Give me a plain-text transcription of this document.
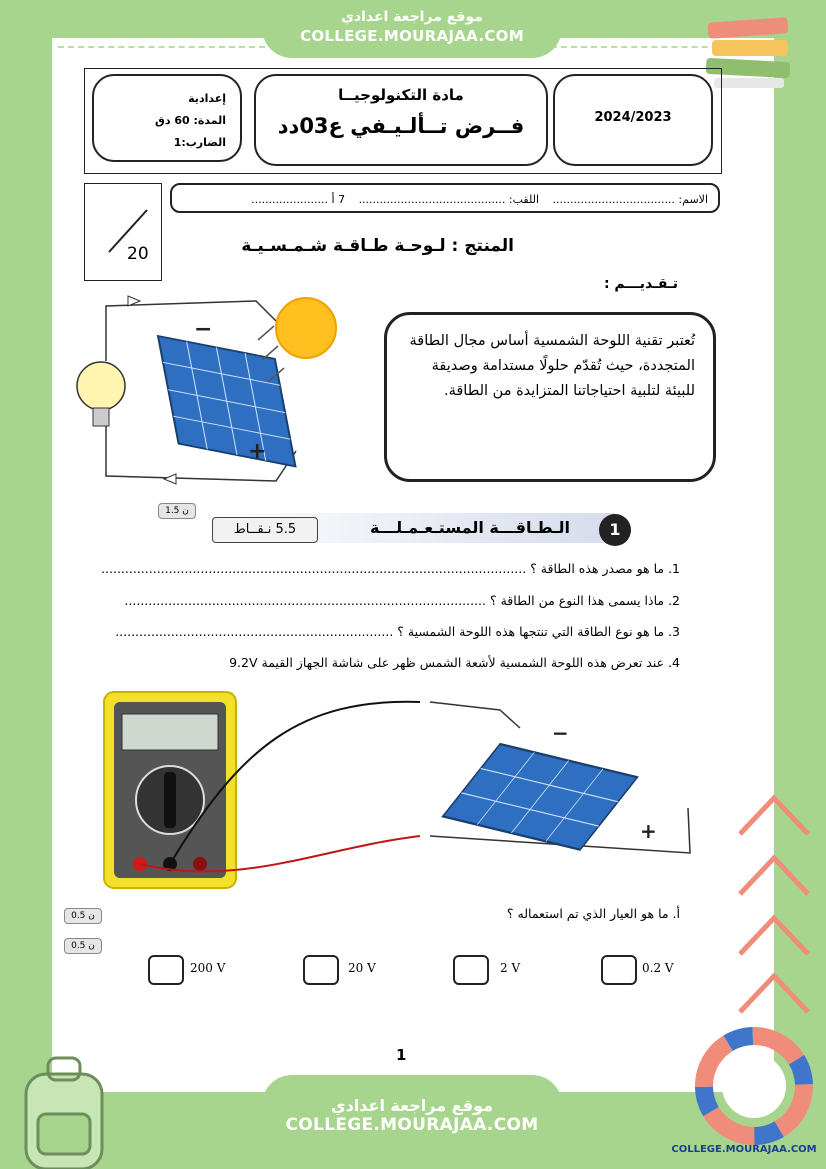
موقع مراجعة اعدادي
COLLEGE.MOURAJAA.COM
إعدادية
المدة: 60 دق
الضارب:1
مادة التكنولوجيــا
فــرض تــألـيـفي ع03دد	2024/2023
الاسم: ................................... اللقب: .......................................... 7 أ ......................
20	المنتج : لـوحـة طـاقـة شـمـسـيـة
تـقـديـــم :
−
+
تُعتبر تقنية اللوحة الشمسية أساس مجال الطاقة المتجددة، حيث تُقدّم حلولًا مستدامة وصديقة للبيئة لتلبية احتياجاتنا المتزايدة من الطاقة.
1.5 ن
5.5 نـقــاط	الـطـاقـــة المستـعـمـلـــة	1
1. ما هو مصدر هذه الطاقة ؟ ...........................................................................................................
2. ماذا يسمى هذا النوع من الطاقة ؟ ...........................................................................................
3. ما هو نوع الطاقة التي تنتجها هذه اللوحة الشمسية ؟ ......................................................................
4. عند تعرض هذه اللوحة الشمسية لأشعة الشمس ظهر على شاشة الجهاز القيمة 9.2V
−
+
0.5 ن
0.5 ن
أ. ما هو العيار الذي تم استعماله ؟
200 V	20 V	2 V	0.2 V
1
موقع مراجعة اعدادي
COLLEGE.MOURAJAA.COM
COLLEGE.MOURAJAA.COM
